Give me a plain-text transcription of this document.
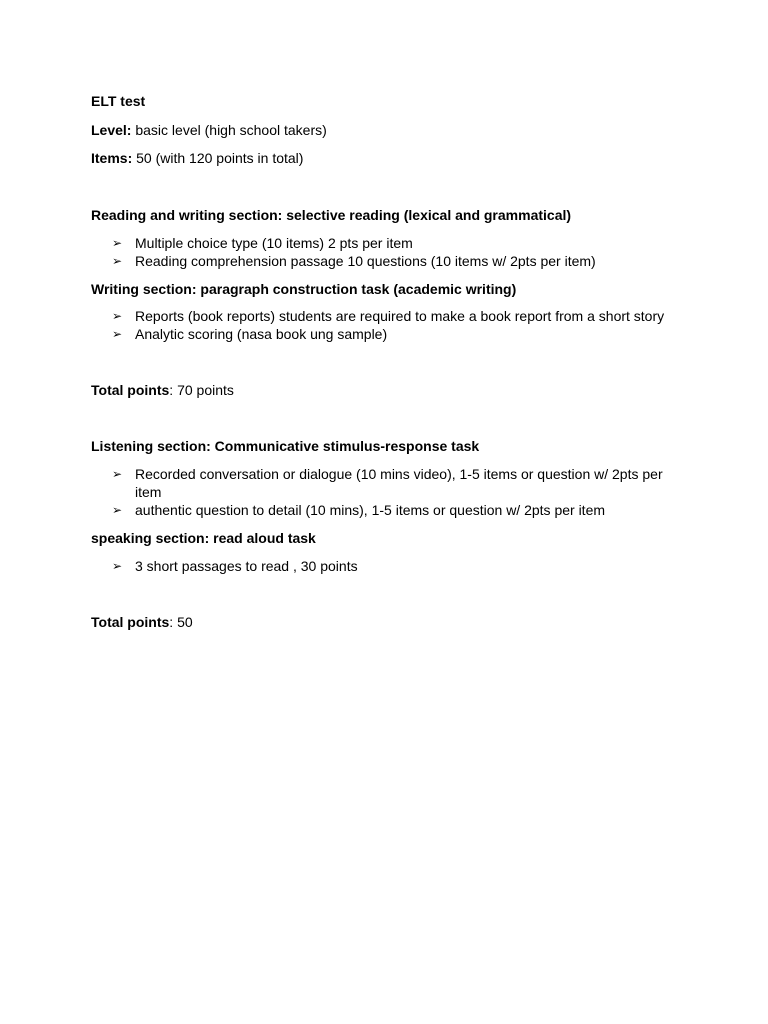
ELT test
Level: basic level (high school takers)
Items: 50 (with 120 points in total)
Reading and writing section: selective reading (lexical and grammatical)
➢ Multiple choice type (10 items) 2 pts per item
➢ Reading comprehension passage 10 questions (10 items w/ 2pts per item)
Writing section: paragraph construction task (academic writing)
➢ Reports (book reports) students are required to make a book report from a short story
➢ Analytic scoring (nasa book ung sample)
Total points: 70 points
Listening section: Communicative stimulus-response task
➢ Recorded conversation or dialogue (10 mins video), 1-5 items or question w/ 2pts per item
➢ authentic question to detail (10 mins), 1-5 items or question w/ 2pts per item
speaking section: read aloud task
➢ 3 short passages to read , 30 points
Total points: 50
